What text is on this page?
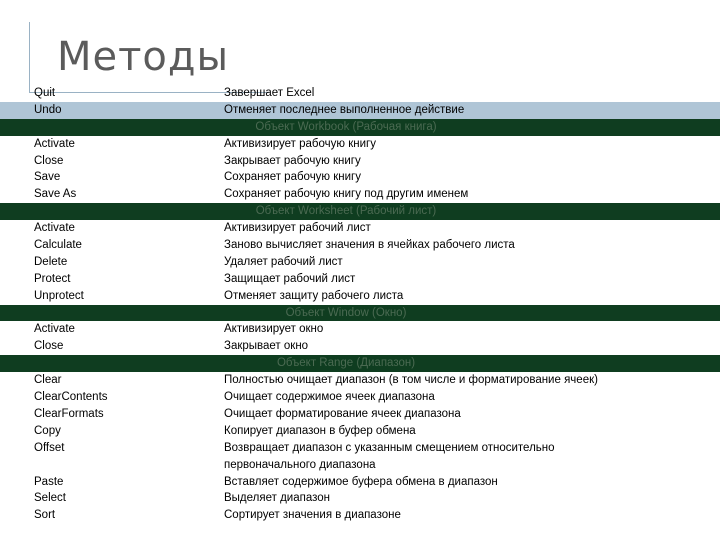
Методы
Quit	Завершает Excel
Undo	Отменяет последнее выполненное действие
Объект Workbook (Рабочая книга)
Activate	Активизирует рабочую книгу
Close	Закрывает рабочую книгу
Save	Сохраняет рабочую книгу
Save As	Сохраняет рабочую книгу под другим именем
Объект Worksheet (Рабочий лист)
Activate	Активизирует рабочий лист
Calculate	Заново вычисляет значения в ячейках рабочего листа
Delete	Удаляет рабочий лист
Protect	Защищает рабочий лист
Unprotect	Отменяет защиту рабочего листа
Объект Window (Окно)
Activate	Активизирует окно
Close	Закрывает окно
Объект Range (Диапазон)
Clear	Полностью очищает диапазон (в том числе и форматирование ячеек)
ClearContents	Очищает содержимое ячеек диапазона
ClearFormats	Очищает форматирование ячеек диапазона
Copy	Копирует диапазон в буфер обмена
Offset	Возвращает диапазон с указанным смещением относительно
первоначального диапазона
Paste	Вставляет содержимое буфера обмена в диапазон
Select	Выделяет диапазон
Sort	Сортирует значения в диапазоне
